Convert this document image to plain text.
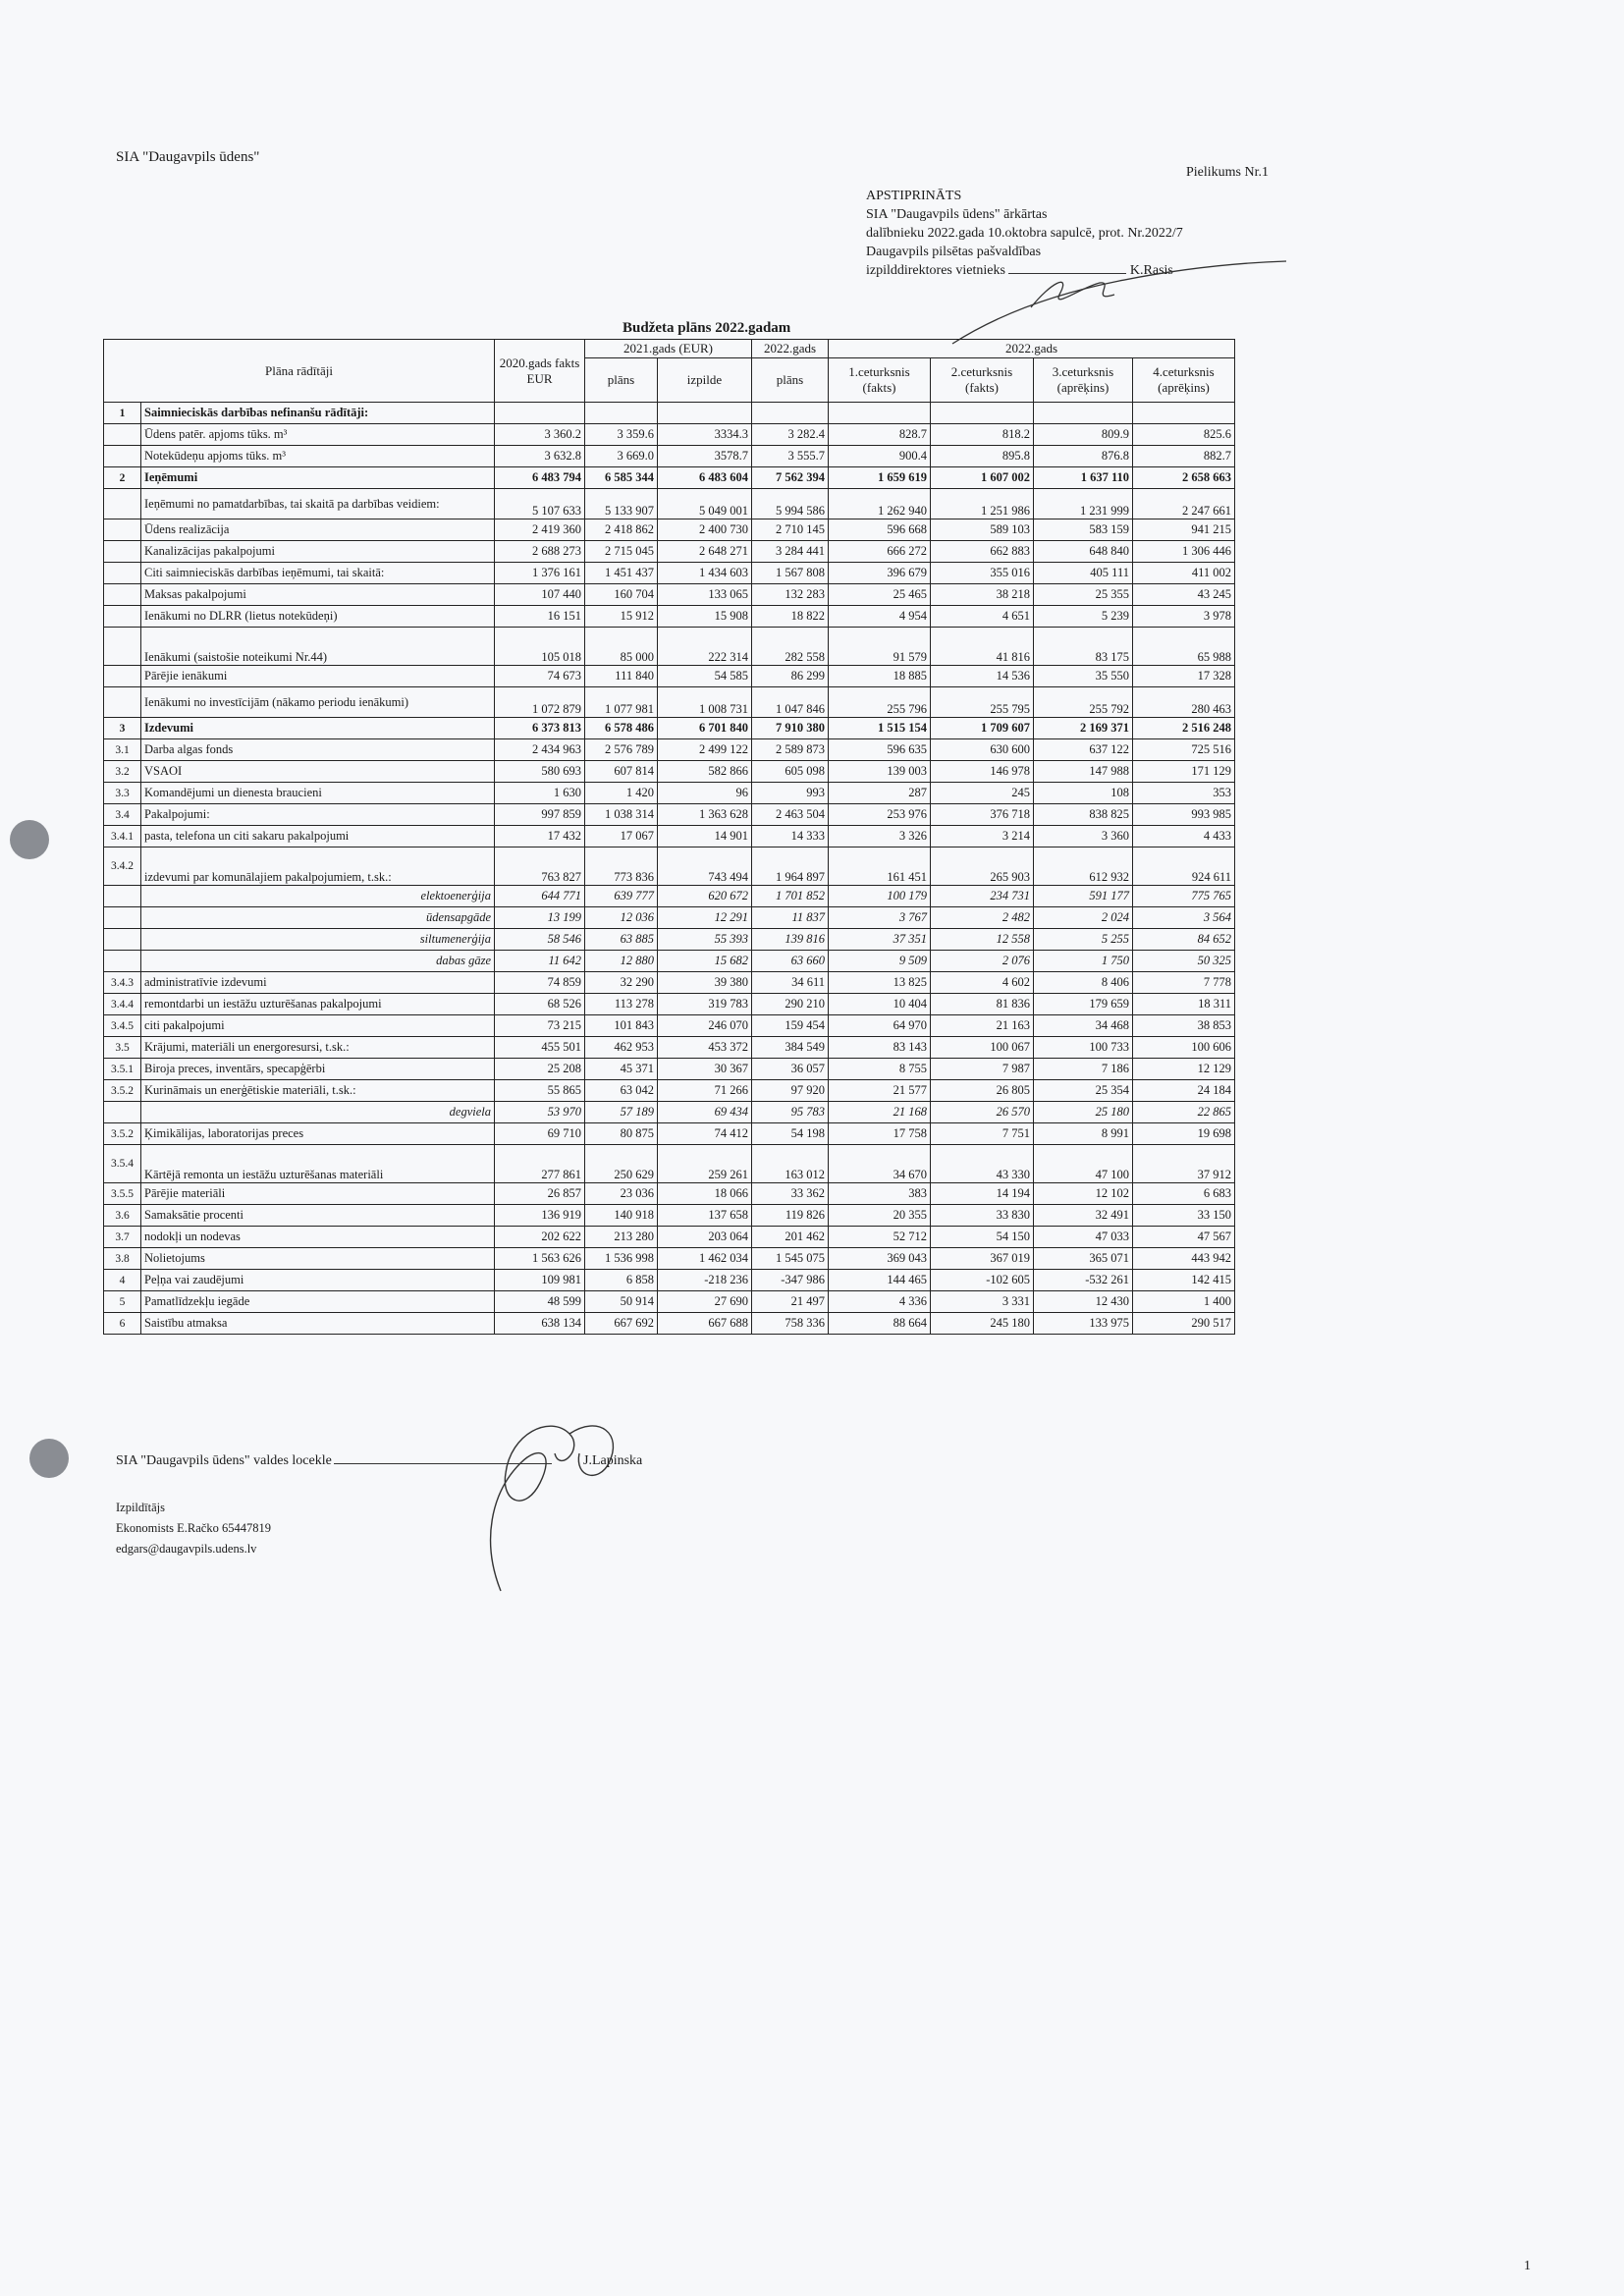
SIA "Daugavpils ūdens"
Pielikums Nr.1
APSTIPRINĀTS
SIA "Daugavpils ūdens" ārkārtas
dalībnieku 2022.gada 10.oktobra sapulcē, prot. Nr.2022/7
Daugavpils pilsētas pašvaldības
izpilddirektores vietnieks	K.Rasis
Budžeta plāns 2022.gadam
Plāna rādītāji		2020.gads fakts EUR	2021.gads (EUR)		2022.gads	2022.gads			
			plāns	izpilde	plāns	1.ceturksnis (fakts)	2.ceturksnis (fakts)	3.ceturksnis (aprēķins)	4.ceturksnis (aprēķins)
1	Saimnieciskās darbības nefinanšu rādītāji:								
	Ūdens patēr. apjoms tūks. m³	3 360.2	3 359.6	3334.3	3 282.4	828.7	818.2	809.9	825.6
	Notekūdeņu apjoms tūks. m³	3 632.8	3 669.0	3578.7	3 555.7	900.4	895.8	876.8	882.7
2	Ieņēmumi	6 483 794	6 585 344	6 483 604	7 562 394	1 659 619	1 607 002	1 637 110	2 658 663
	Ieņēmumi no pamatdarbības, tai skaitā pa darbības veidiem:	5 107 633	5 133 907	5 049 001	5 994 586	1 262 940	1 251 986	1 231 999	2 247 661
	Ūdens realizācija	2 419 360	2 418 862	2 400 730	2 710 145	596 668	589 103	583 159	941 215
	Kanalizācijas pakalpojumi	2 688 273	2 715 045	2 648 271	3 284 441	666 272	662 883	648 840	1 306 446
	Citi saimnieciskās darbības ieņēmumi, tai skaitā:	1 376 161	1 451 437	1 434 603	1 567 808	396 679	355 016	405 111	411 002
	Maksas pakalpojumi	107 440	160 704	133 065	132 283	25 465	38 218	25 355	43 245
	Ienākumi no DLRR (lietus notekūdeņi)	16 151	15 912	15 908	18 822	4 954	4 651	5 239	3 978
	Ienākumi (saistošie noteikumi Nr.44)	105 018	85 000	222 314	282 558	91 579	41 816	83 175	65 988
	Pārējie ienākumi	74 673	111 840	54 585	86 299	18 885	14 536	35 550	17 328
	Ienākumi no investīcijām (nākamo periodu ienākumi)	1 072 879	1 077 981	1 008 731	1 047 846	255 796	255 795	255 792	280 463
3	Izdevumi	6 373 813	6 578 486	6 701 840	7 910 380	1 515 154	1 709 607	2 169 371	2 516 248
3.1	Darba algas fonds	2 434 963	2 576 789	2 499 122	2 589 873	596 635	630 600	637 122	725 516
3.2	VSAOI	580 693	607 814	582 866	605 098	139 003	146 978	147 988	171 129
3.3	Komandējumi un dienesta braucieni	1 630	1 420	96	993	287	245	108	353
3.4	Pakalpojumi:	997 859	1 038 314	1 363 628	2 463 504	253 976	376 718	838 825	993 985
3.4.1	pasta, telefona un citi sakaru pakalpojumi	17 432	17 067	14 901	14 333	3 326	3 214	3 360	4 433
3.4.2	izdevumi par komunālajiem pakalpojumiem, t.sk.:	763 827	773 836	743 494	1 964 897	161 451	265 903	612 932	924 611
	elektoenerģija	644 771	639 777	620 672	1 701 852	100 179	234 731	591 177	775 765
	ūdensapgāde	13 199	12 036	12 291	11 837	3 767	2 482	2 024	3 564
	siltumenerģija	58 546	63 885	55 393	139 816	37 351	12 558	5 255	84 652
	dabas gāze	11 642	12 880	15 682	63 660	9 509	2 076	1 750	50 325
3.4.3	administratīvie izdevumi	74 859	32 290	39 380	34 611	13 825	4 602	8 406	7 778
3.4.4	remontdarbi un iestāžu uzturēšanas pakalpojumi	68 526	113 278	319 783	290 210	10 404	81 836	179 659	18 311
3.4.5	citi pakalpojumi	73 215	101 843	246 070	159 454	64 970	21 163	34 468	38 853
3.5	Krājumi, materiāli un energoresursi, t.sk.:	455 501	462 953	453 372	384 549	83 143	100 067	100 733	100 606
3.5.1	Biroja preces, inventārs, specapģērbi	25 208	45 371	30 367	36 057	8 755	7 987	7 186	12 129
3.5.2	Kurināmais un enerģētiskie materiāli, t.sk.:	55 865	63 042	71 266	97 920	21 577	26 805	25 354	24 184
	degviela	53 970	57 189	69 434	95 783	21 168	26 570	25 180	22 865
3.5.2	Ķimikālijas, laboratorijas preces	69 710	80 875	74 412	54 198	17 758	7 751	8 991	19 698
3.5.4	Kārtējā remonta un iestāžu uzturēšanas materiāli	277 861	250 629	259 261	163 012	34 670	43 330	47 100	37 912
3.5.5	Pārējie materiāli	26 857	23 036	18 066	33 362	383	14 194	12 102	6 683
3.6	Samaksātie procenti	136 919	140 918	137 658	119 826	20 355	33 830	32 491	33 150
3.7	nodokļi un nodevas	202 622	213 280	203 064	201 462	52 712	54 150	47 033	47 567
3.8	Nolietojums	1 563 626	1 536 998	1 462 034	1 545 075	369 043	367 019	365 071	443 942
4	Peļņa vai zaudējumi	109 981	6 858	-218 236	-347 986	144 465	-102 605	-532 261	142 415
5	Pamatlīdzekļu iegāde	48 599	50 914	27 690	21 497	4 336	3 331	12 430	1 400
6	Saistību atmaksa	638 134	667 692	667 688	758 336	88 664	245 180	133 975	290 517
SIA "Daugavpils ūdens" valdes locekle	J.Lapinska
Izpildītājs
Ekonomists E.Račko 65447819
edgars@daugavpils.udens.lv
1
